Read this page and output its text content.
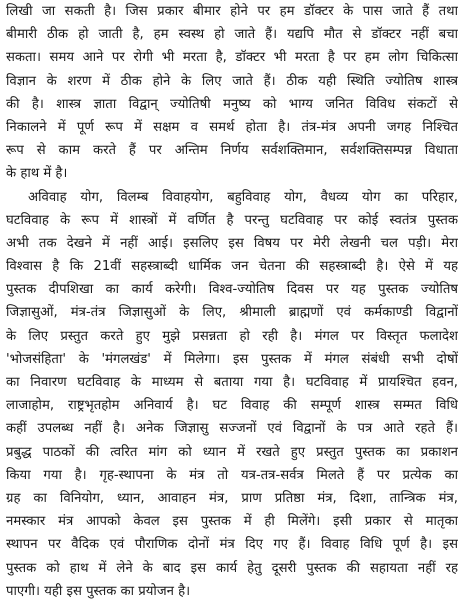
लिखी जा सकती है। जिस प्रकार बीमार होने पर हम डॉक्टर के पास जाते हैं तथा
बीमारी ठीक हो जाती है, हम स्वस्थ हो जाते हैं। यद्यपि मौत से डॉक्टर नहीं बचा
सकता। समय आने पर रोगी भी मरता है, डॉक्टर भी मरता है पर हम लोग चिकित्सा
विज्ञान के शरण में ठीक होने के लिए जाते हैं। ठीक यही स्थिति ज्योतिष शास्त्र
की है। शास्त्र ज्ञाता विद्वान् ज्योतिषी मनुष्य को भाग्य जनित विविध संकटों से
निकालने में पूर्ण रूप में सक्षम व समर्थ होता है। तंत्र-मंत्र अपनी जगह निश्चित
रूप से काम करते हैं पर अन्तिम निर्णय सर्वशक्तिमान, सर्वशक्तिसम्पन्न विधाता
के हाथ में है।
अविवाह योग, विलम्ब विवाहयोग, बहुविवाह योग, वैधव्य योग का परिहार,
घटविवाह के रूप में शास्त्रों में वर्णित है परन्तु घटविवाह पर कोई स्वतंत्र पुस्तक
अभी तक देखने में नहीं आई। इसलिए इस विषय पर मेरी लेखनी चल पड़ी। मेरा
विश्वास है कि 21वीं सहस्त्राब्दी धार्मिक जन चेतना की सहस्त्राब्दी है। ऐसे में यह
पुस्तक दीपशिखा का कार्य करेगी। विश्व-ज्योतिष दिवस पर यह पुस्तक ज्योतिष
जिज्ञासुओं, मंत्र-तंत्र जिज्ञासुओं के लिए, श्रीमाली ब्राह्मणों एवं कर्मकाण्डी विद्वानों
के लिए प्रस्तुत करते हुए मुझे प्रसन्नता हो रही है। मंगल पर विस्तृत फलादेश
'भोजसंहिता' के 'मंगलखंड' में मिलेगा। इस पुस्तक में मंगल संबंधी सभी दोषों
का निवारण घटविवाह के माध्यम से बताया गया है। घटविवाह में प्रायश्चित हवन,
लाजाहोम, राष्ट्रभृतहोम अनिवार्य है। घट विवाह की सम्पूर्ण शास्त्र सम्मत विधि
कहीं उपलब्ध नहीं है। अनेक जिज्ञासु सज्जनों एवं विद्वानों के पत्र आते रहते हैं।
प्रबुद्ध पाठकों की त्वरित मांग को ध्यान में रखते हुए प्रस्तुत पुस्तक का प्रकाशन
किया गया है। गृह-स्थापना के मंत्र तो यत्र-तत्र-सर्वत्र मिलते हैं पर प्रत्येक का
ग्रह का विनियोग, ध्यान, आवाहन मंत्र, प्राण प्रतिष्ठा मंत्र, दिशा, तान्त्रिक मंत्र,
नमस्कार मंत्र आपको केवल इस पुस्तक में ही मिलेंगे। इसी प्रकार से मातृका
स्थापन पर वैदिक एवं पौराणिक दोनों मंत्र दिए गए हैं। विवाह विधि पूर्ण है। इस
पुस्तक को हाथ में लेने के बाद इस कार्य हेतु दूसरी पुस्तक की सहायता नहीं रह
पाएगी। यही इस पुस्तक का प्रयोजन है।
